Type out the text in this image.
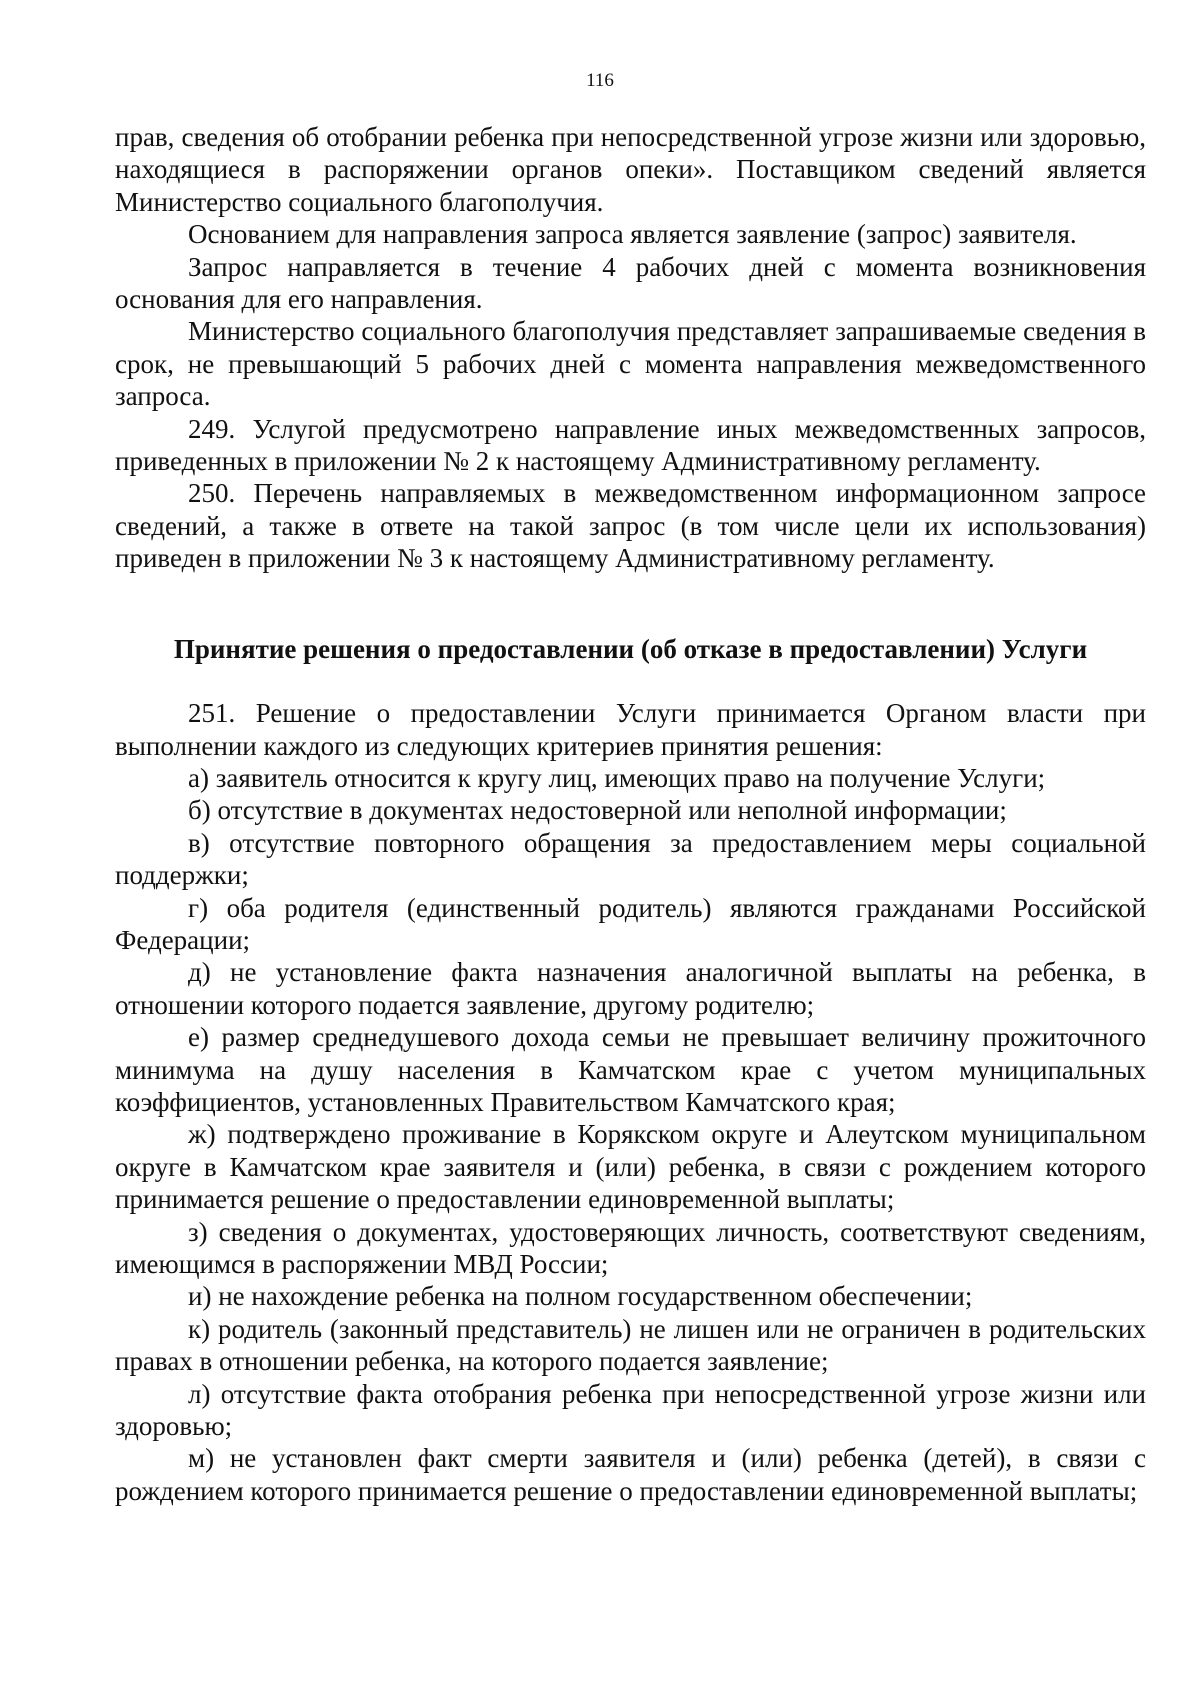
116

прав, сведения об отобрании ребенка при непосредственной угрозе жизни или здоровью, находящиеся в распоряжении органов опеки». Поставщиком сведений является Министерство социального благополучия.

Основанием для направления запроса является заявление (запрос) заявителя.

Запрос направляется в течение 4 рабочих дней с момента возникновения основания для его направления.

Министерство социального благополучия представляет запрашиваемые сведения в срок, не превышающий 5 рабочих дней с момента направления межведомственного запроса.

249. Услугой предусмотрено направление иных межведомственных запросов, приведенных в приложении № 2 к настоящему Административному регламенту.

250. Перечень направляемых в межведомственном информационном запросе сведений, а также в ответе на такой запрос (в том числе цели их использования) приведен в приложении № 3 к настоящему Административному регламенту.

Принятие решения о предоставлении (об отказе в предоставлении) Услуги

251. Решение о предоставлении Услуги принимается Органом власти при выполнении каждого из следующих критериев принятия решения:

а) заявитель относится к кругу лиц, имеющих право на получение Услуги;

б) отсутствие в документах недостоверной или неполной информации;

в) отсутствие повторного обращения за предоставлением меры социальной поддержки;

г) оба родителя (единственный родитель) являются гражданами Российской Федерации;

д) не установление факта назначения аналогичной выплаты на ребенка, в отношении которого подается заявление, другому родителю;

е) размер среднедушевого дохода семьи не превышает величину прожиточного минимума на душу населения в Камчатском крае с учетом муниципальных коэффициентов, установленных Правительством Камчатского края;

ж) подтверждено проживание в Корякском округе и Алеутском муниципальном округе в Камчатском крае заявителя и (или) ребенка, в связи с рождением которого принимается решение о предоставлении единовременной выплаты;

з) сведения о документах, удостоверяющих личность, соответствуют сведениям, имеющимся в распоряжении МВД России;

и) не нахождение ребенка на полном государственном обеспечении;

к) родитель (законный представитель) не лишен или не ограничен в родительских правах в отношении ребенка, на которого подается заявление;

л) отсутствие факта отобрания ребенка при непосредственной угрозе жизни или здоровью;

м) не установлен факт смерти заявителя и (или) ребенка (детей), в связи с рождением которого принимается решение о предоставлении единовременной выплаты;
